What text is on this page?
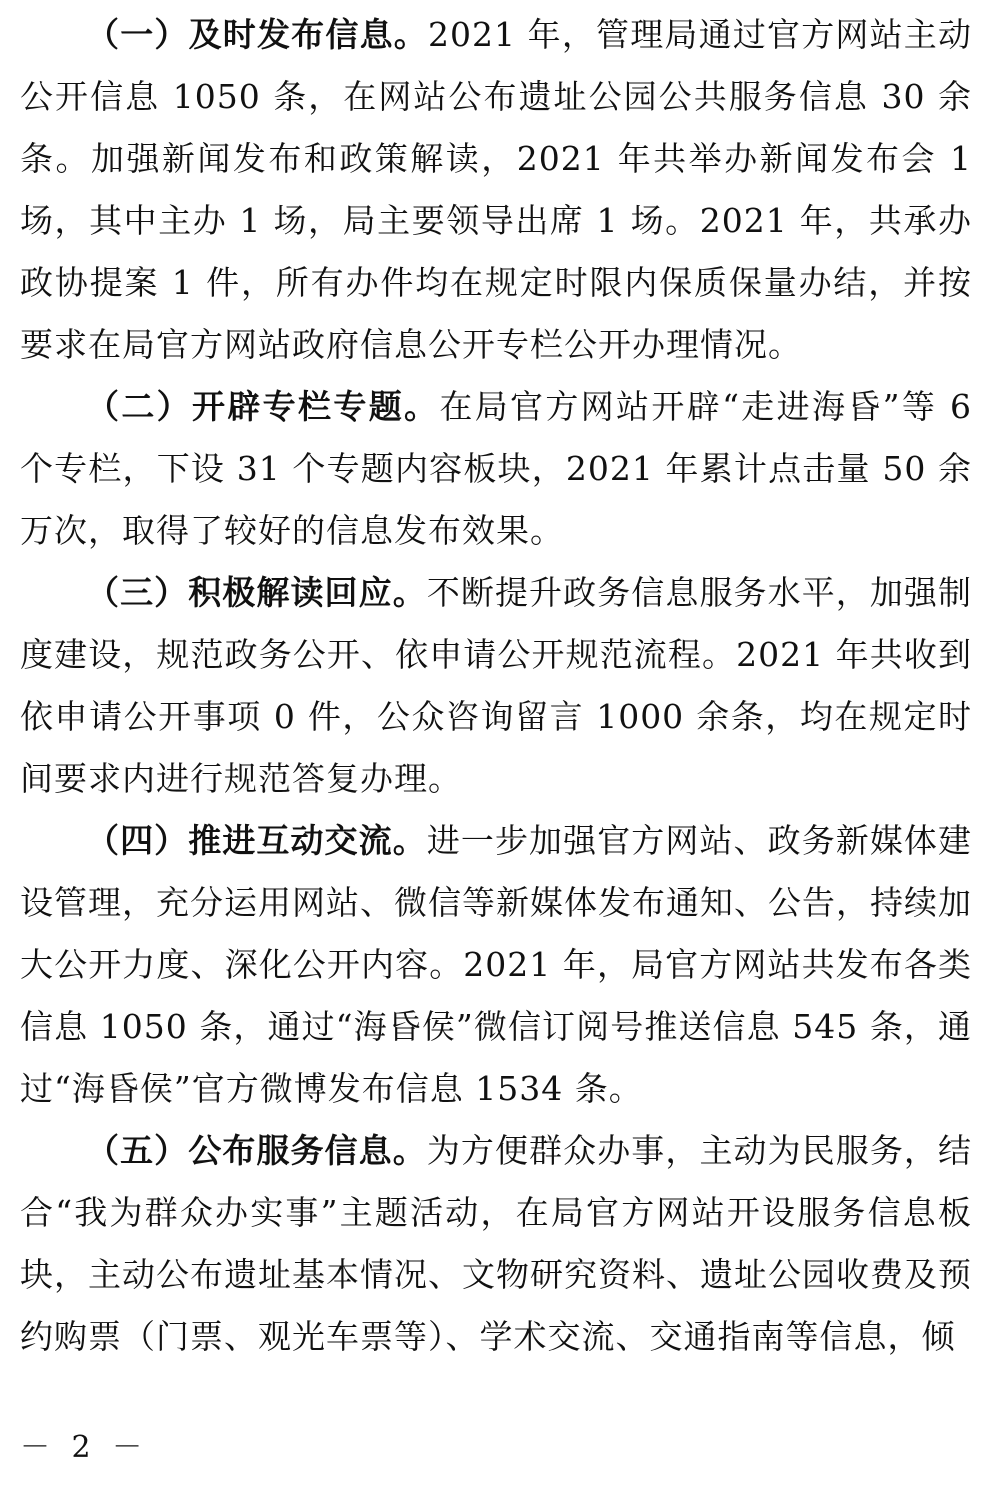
（一）及时发布信息。2021 年，管理局通过官方网站主动公开信息 1050 条，在网站公布遗址公园公共服务信息 30 余条。加强新闻发布和政策解读，2021 年共举办新闻发布会 1 场，其中主办 1 场，局主要领导出席 1 场。2021 年，共承办政协提案 1 件，所有办件均在规定时限内保质保量办结，并按要求在局官方网站政府信息公开专栏公开办理情况。

（二）开辟专栏专题。在局官方网站开辟“走进海昏”等 6 个专栏，下设 31 个专题内容板块，2021 年累计点击量 50 余万次，取得了较好的信息发布效果。

（三）积极解读回应。不断提升政务信息服务水平，加强制度建设，规范政务公开、依申请公开规范流程。2021 年共收到依申请公开事项 0 件，公众咨询留言 1000 余条，均在规定时间要求内进行规范答复办理。

（四）推进互动交流。进一步加强官方网站、政务新媒体建设管理，充分运用网站、微信等新媒体发布通知、公告，持续加大公开力度、深化公开内容。2021 年，局官方网站共发布各类信息 1050 条，通过“海昏侯”微信订阅号推送信息 545 条，通过“海昏侯”官方微博发布信息 1534 条。

（五）公布服务信息。为方便群众办事，主动为民服务，结合“我为群众办实事”主题活动，在局官方网站开设服务信息板块，主动公布遗址基本情况、文物研究资料、遗址公园收费及预约购票（门票、观光车票等）、学术交流、交通指南等信息，倾

－ 2 －
